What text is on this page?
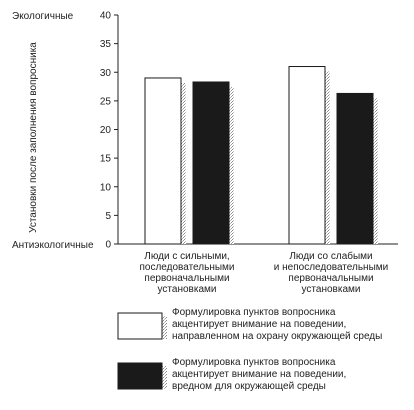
0
5
10
15
20
25
30
35
40
Экологичные
Антиэкологичные
Установки после заполнения вопросника
Люди с сильными, последовательными первоначальными установками
Люди со слабыми и непоследовательными первоначальными установками
Формулировка пунктов вопросника акцентирует внимание на поведении, направленном на охрану окружающей среды
Формулировка пунктов вопросника акцентирует внимание на поведении, вредном для окружающей среды
